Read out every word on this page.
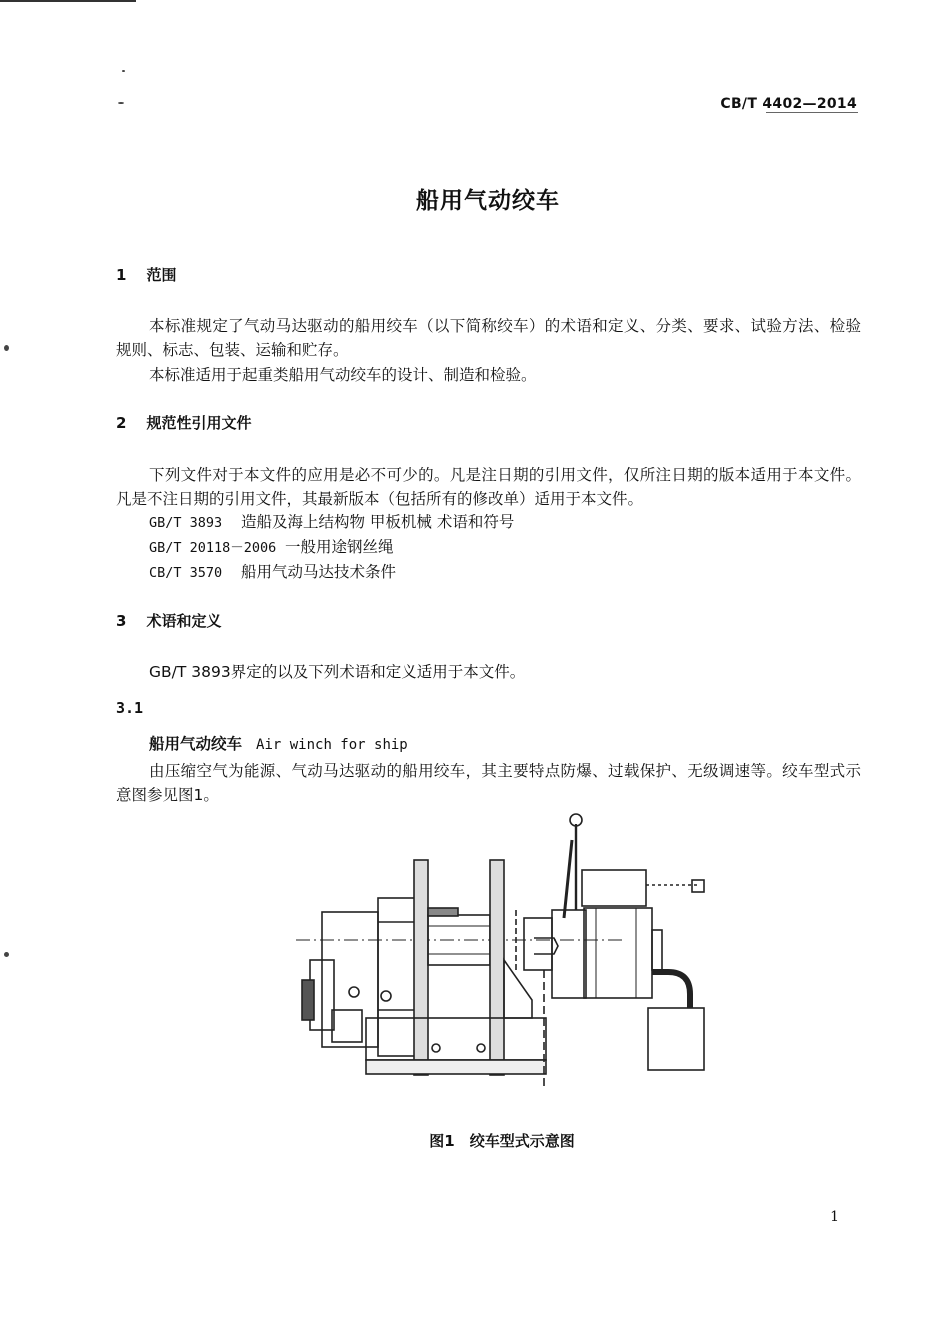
CB/T 4402—2014
船用气动绞车
1 范围
本标准规定了气动马达驱动的船用绞车（以下简称绞车）的术语和定义、分类、要求、试验方法、检验规则、标志、包装、运输和贮存。
本标准适用于起重类船用气动绞车的设计、制造和检验。
2 规范性引用文件
下列文件对于本文件的应用是必不可少的。凡是注日期的引用文件，仅所注日期的版本适用于本文件。凡是不注日期的引用文件，其最新版本（包括所有的修改单）适用于本文件。
GB/T 3893 造船及海上结构物 甲板机械 术语和符号
GB/T 20118－2006 一般用途钢丝绳
CB/T 3570 船用气动马达技术条件
3 术语和定义
GB/T 3893界定的以及下列术语和定义适用于本文件。
3.1
船用气动绞车 Air winch for ship
由压缩空气为能源、气动马达驱动的船用绞车，其主要特点防爆、过载保护、无级调速等。绞车型式示意图参见图1。
图1　绞车型式示意图
1
